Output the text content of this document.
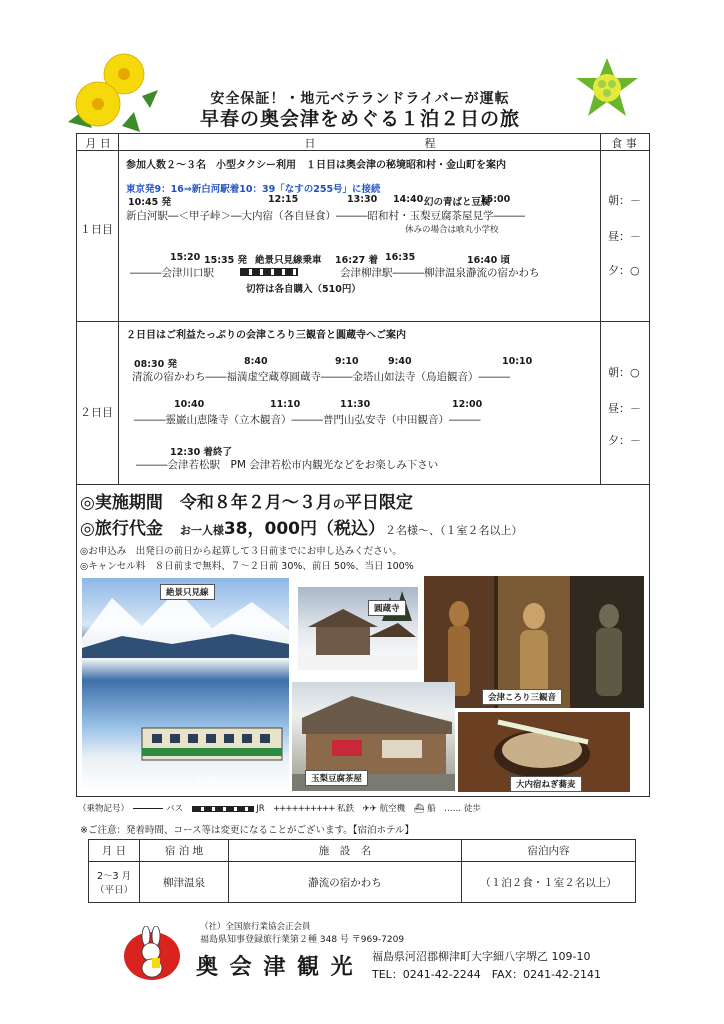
安全保証！・地元ベテランドライバーが運転
早春の奥会津をめぐる１泊２日の旅
月 日	日	程	食 事
１日目
参加人数２～３名　小型タクシー利用　１日目は奥会津の秘境昭和村・金山町を案内
東京発9：16⇒新白河駅着10：39「なすの255号」に接続
10:45 発	12:15	13:30 14:40 幻の青ばと豆腐
15:00
新白河駅―＜甲子峠＞―大内宿（各自昼食）―――昭和村・玉梨豆腐茶屋見学―――
休みの場合は喰丸小学校
15:20 15:35 発 絶景只見線乗車 16:27 着 16:35	16:40 頃
―――会津川口駅	会津柳津駅―――柳津温泉瀞流の宿かわち
切符は各自購入（510円）
朝：－
昼：－
夕：○
２日目
２日目はご利益たっぷりの会津ころり三観音と圓蔵寺へご案内
08:30 発	8:40	9:10	9:40	10:10
清流の宿かわち――福満虚空蔵尊圓蔵寺―――金塔山如法寺（鳥追観音）―――
10:40	11:10	11:30	12:00
―――靈巌山恵隆寺（立木観音）―――普門山弘安寺（中田観音）―――
12:30 着終了
―――会津若松駅　PM 会津若松市内観光などをお楽しみ下さい
朝：○
昼：－
夕：－
◎実施期間　 令和８年２月～３月の平日限定
◎旅行代金　 お一人様38，000円（税込）２名様～、（１室２名以上）
◎お申込み　出発日の前日から起算して３日前までにお申し込みください。
◎キャンセル料　８日前まで無料、７～２日前 30%、前日 50%、当日 100%
絶景只見線
※写真はイメージです。
圓蔵寺
会津ころり三観音
玉梨豆腐茶屋
大内宿ねぎ蕎麦
（乗物記号）　	バス　	JR　 ++++++++++ 私鉄　 ✈✈ 航空機　 ⛴ 船　 …… 徒歩
※ご注意：発着時間、コース等は変更になることがございます。【宿泊ホテル】
月 日	宿 泊 地	施　設　名	宿泊内容
2～3 月
（平日）	柳津温泉	瀞流の宿かわち	（１泊２食・１室２名以上）
（社）全国旅行業協会正会員
福島県知事登録旅行業第２種 348 号 〒969-7209
奥 会 津 観 光 福島県河沼郡柳津町大字細八字堺乙 109-10
TEL：0241-42-2244　FAX：0241-42-2141
